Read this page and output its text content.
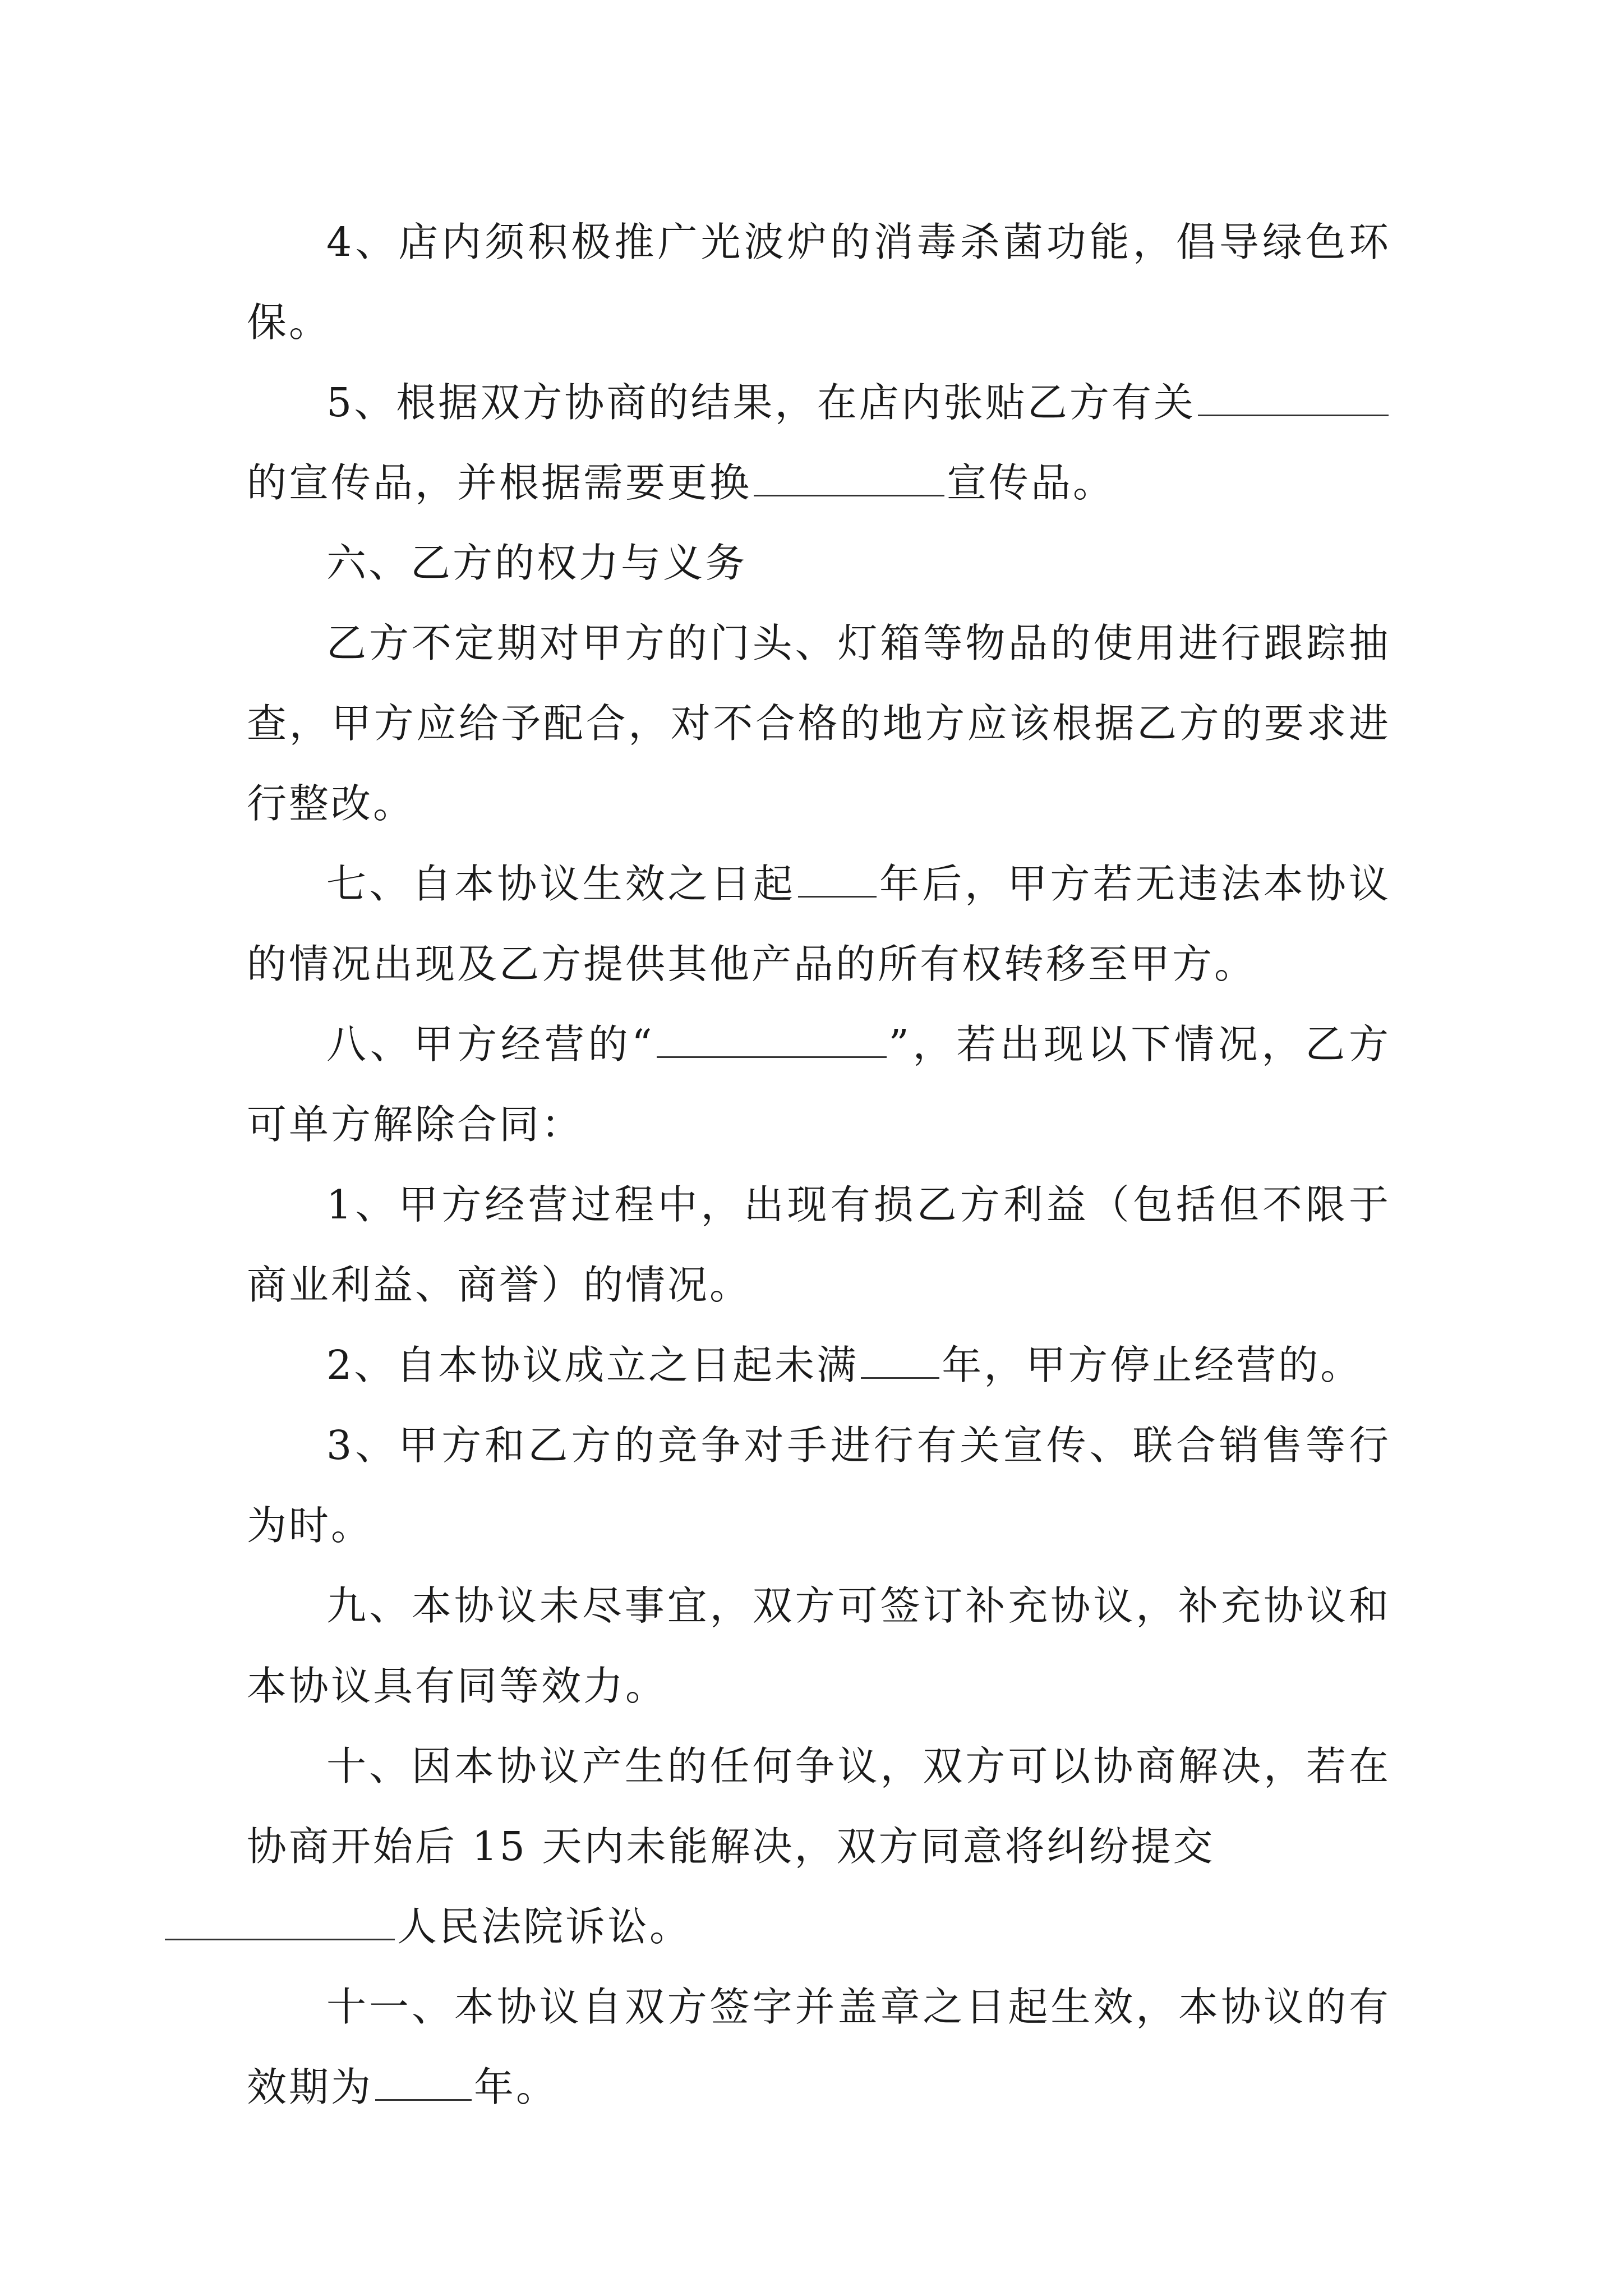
4、店内须积极推广光波炉的消毒杀菌功能，倡导绿色环保。

5、根据双方协商的结果，在店内张贴乙方有关的宣传品，并根据需要更换	宣传品。

六、乙方的权力与义务

乙方不定期对甲方的门头、灯箱等物品的使用进行跟踪抽查，甲方应给予配合，对不合格的地方应该根据乙方的要求进行整改。

七、自本协议生效之日起 年后，甲方若无违法本协议的情况出现及乙方提供其他产品的所有权转移至甲方。

八、甲方经营的“	”，若出现以下情况，乙方可单方解除合同：

1、甲方经营过程中，出现有损乙方利益（包括但不限于商业利益、商誉）的情况。

2、自本协议成立之日起未满 年，甲方停止经营的。

3、甲方和乙方的竞争对手进行有关宣传、联合销售等行为时。

九、本协议未尽事宜，双方可签订补充协议，补充协议和本协议具有同等效力。

十、因本协议产生的任何争议，双方可以协商解决，若在协商开始后 15 天内未能解决，双方同意将纠纷提交
人民法院诉讼。

十一、本协议自双方签字并盖章之日起生效，本协议的有效期为	年。
